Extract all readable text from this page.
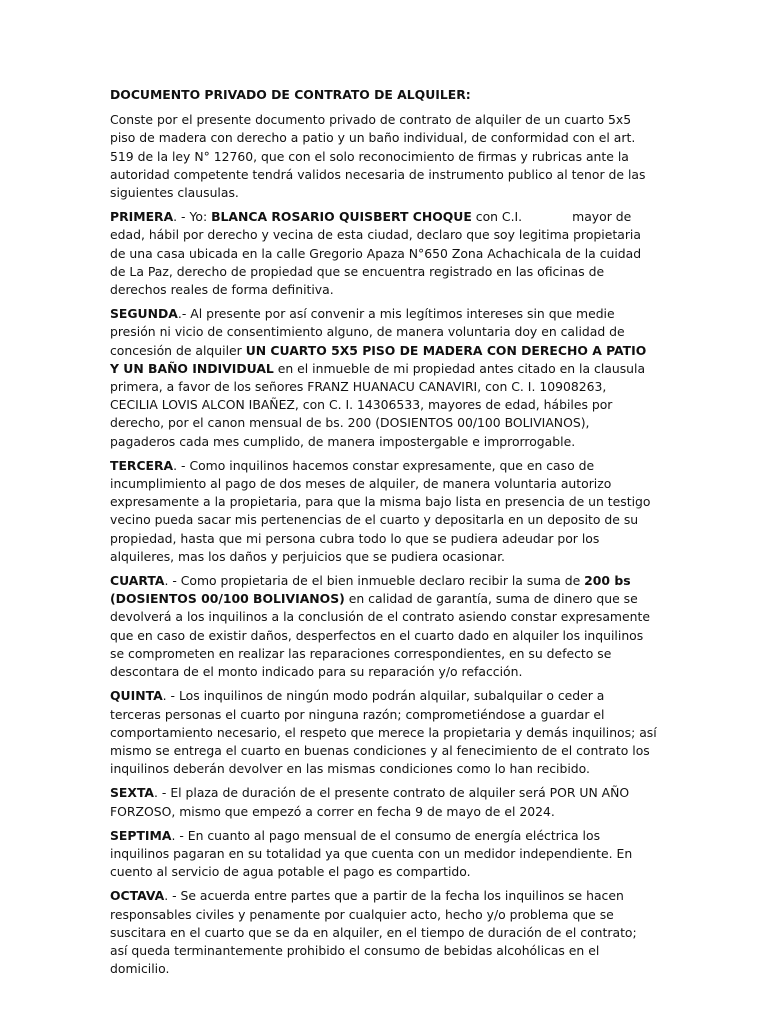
DOCUMENTO PRIVADO DE CONTRATO DE ALQUILER:

Conste por el presente documento privado de contrato de alquiler de un cuarto 5x5 piso de madera con derecho a patio y un baño individual, de conformidad con el art. 519 de la ley N° 12760, que con el solo reconocimiento de firmas y rubricas ante la autoridad competente tendrá validos necesaria de instrumento publico al tenor de las siguientes clausulas.

PRIMERA. - Yo: BLANCA ROSARIO QUISBERT CHOQUE con C.I.	mayor de edad, hábil por derecho y vecina de esta ciudad, declaro que soy legitima propietaria de una casa ubicada en la calle Gregorio Apaza N°650 Zona Achachicala de la cuidad de La Paz, derecho de propiedad que se encuentra registrado en las oficinas de derechos reales de forma definitiva.

SEGUNDA.- Al presente por así convenir a mis legítimos intereses sin que medie presión ni vicio de consentimiento alguno, de manera voluntaria doy en calidad de concesión de alquiler UN CUARTO 5X5 PISO DE MADERA CON DERECHO A PATIO Y UN BAÑO INDIVIDUAL en el inmueble de mi propiedad antes citado en la clausula primera, a favor de los señores FRANZ HUANACU CANAVIRI, con C. I. 10908263, CECILIA LOVIS ALCON IBAÑEZ, con C. I. 14306533, mayores de edad, hábiles por derecho, por el canon mensual de bs. 200 (DOSIENTOS 00/100 BOLIVIANOS), pagaderos cada mes cumplido, de manera impostergable e improrrogable.

TERCERA. - Como inquilinos hacemos constar expresamente, que en caso de incumplimiento al pago de dos meses de alquiler, de manera voluntaria autorizo expresamente a la propietaria, para que la misma bajo lista en presencia de un testigo vecino pueda sacar mis pertenencias de el cuarto y depositarla en un deposito de su propiedad, hasta que mi persona cubra todo lo que se pudiera adeudar por los alquileres, mas los daños y perjuicios que se pudiera ocasionar.

CUARTA. - Como propietaria de el bien inmueble declaro recibir la suma de 200 bs (DOSIENTOS 00/100 BOLIVIANOS) en calidad de garantía, suma de dinero que se devolverá a los inquilinos a la conclusión de el contrato asiendo constar expresamente que en caso de existir daños, desperfectos en el cuarto dado en alquiler los inquilinos se comprometen en realizar las reparaciones correspondientes, en su defecto se descontara de el monto indicado para su reparación y/o refacción.

QUINTA. - Los inquilinos de ningún modo podrán alquilar, subalquilar o ceder a terceras personas el cuarto por ninguna razón; comprometiéndose a guardar el comportamiento necesario, el respeto que merece la propietaria y demás inquilinos; así mismo se entrega el cuarto en buenas condiciones y al fenecimiento de el contrato los inquilinos deberán devolver en las mismas condiciones como lo han recibido.

SEXTA. - El plaza de duración de el presente contrato de alquiler será POR UN AÑO FORZOSO, mismo que empezó a correr en fecha 9 de mayo de el 2024.

SEPTIMA. - En cuanto al pago mensual de el consumo de energía eléctrica los inquilinos pagaran en su totalidad ya que cuenta con un medidor independiente. En cuento al servicio de agua potable el pago es compartido.

OCTAVA. - Se acuerda entre partes que a partir de la fecha los inquilinos se hacen responsables civiles y penamente por cualquier acto, hecho y/o problema que se suscitara en el cuarto que se da en alquiler, en el tiempo de duración de el contrato; así queda terminantemente prohibido el consumo de bebidas alcohólicas en el domicilio.
